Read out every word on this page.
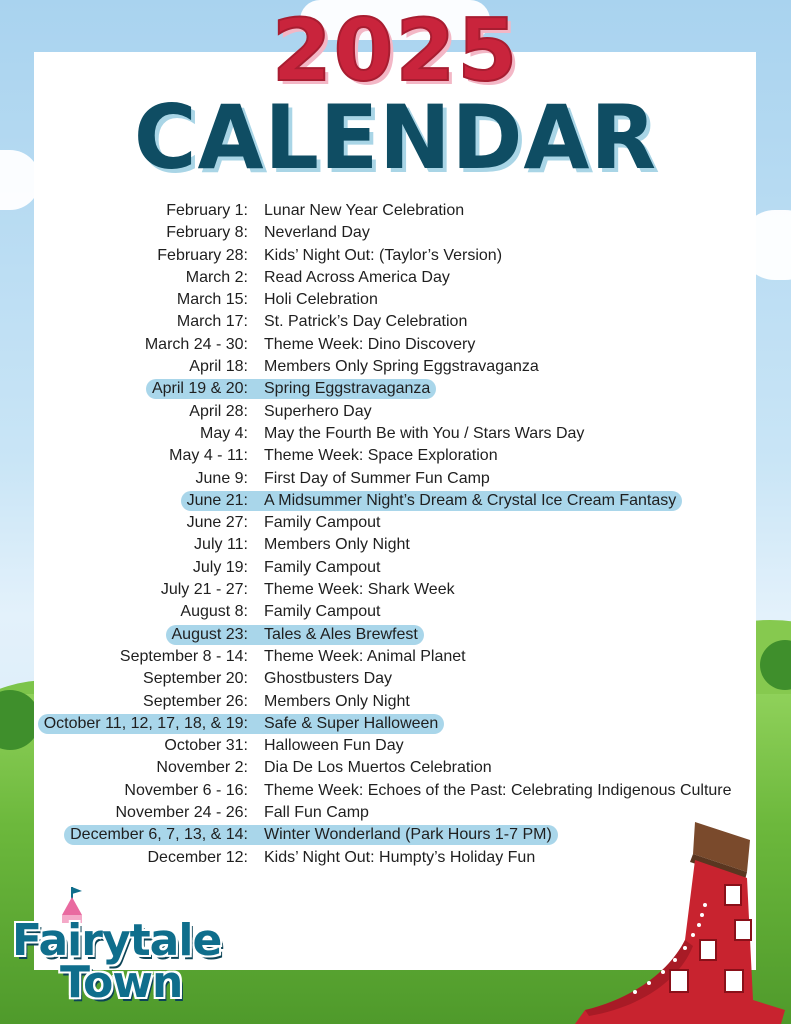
2025
CALENDAR
February 1: Lunar New Year Celebration
February 8: Neverland Day
February 28: Kids’ Night Out: (Taylor’s Version)
March 2: Read Across America Day
March 15: Holi Celebration
March 17: St. Patrick’s Day Celebration
March 24 - 30: Theme Week: Dino Discovery
April 18: Members Only Spring Eggstravaganza
April 19 & 20: Spring Eggstravaganza
April 28: Superhero Day
May 4: May the Fourth Be with You / Stars Wars Day
May 4 - 11: Theme Week: Space Exploration
June 9: First Day of Summer Fun Camp
June 21: A Midsummer Night’s Dream & Crystal Ice Cream Fantasy
June 27: Family Campout
July 11: Members Only Night
July 19: Family Campout
July 21 - 27: Theme Week: Shark Week
August 8: Family Campout
August 23: Tales & Ales Brewfest
September 8 - 14: Theme Week: Animal Planet
September 20: Ghostbusters Day
September 26: Members Only Night
October 11, 12, 17, 18, & 19: Safe & Super Halloween
October 31: Halloween Fun Day
November 2: Dia De Los Muertos Celebration
November 6 - 16: Theme Week: Echoes of the Past: Celebrating Indigenous Culture
November 24 - 26: Fall Fun Camp
December 6, 7, 13, & 14: Winter Wonderland (Park Hours 1-7 PM)
December 12: Kids’ Night Out: Humpty’s Holiday Fun
Fairytale
Town
